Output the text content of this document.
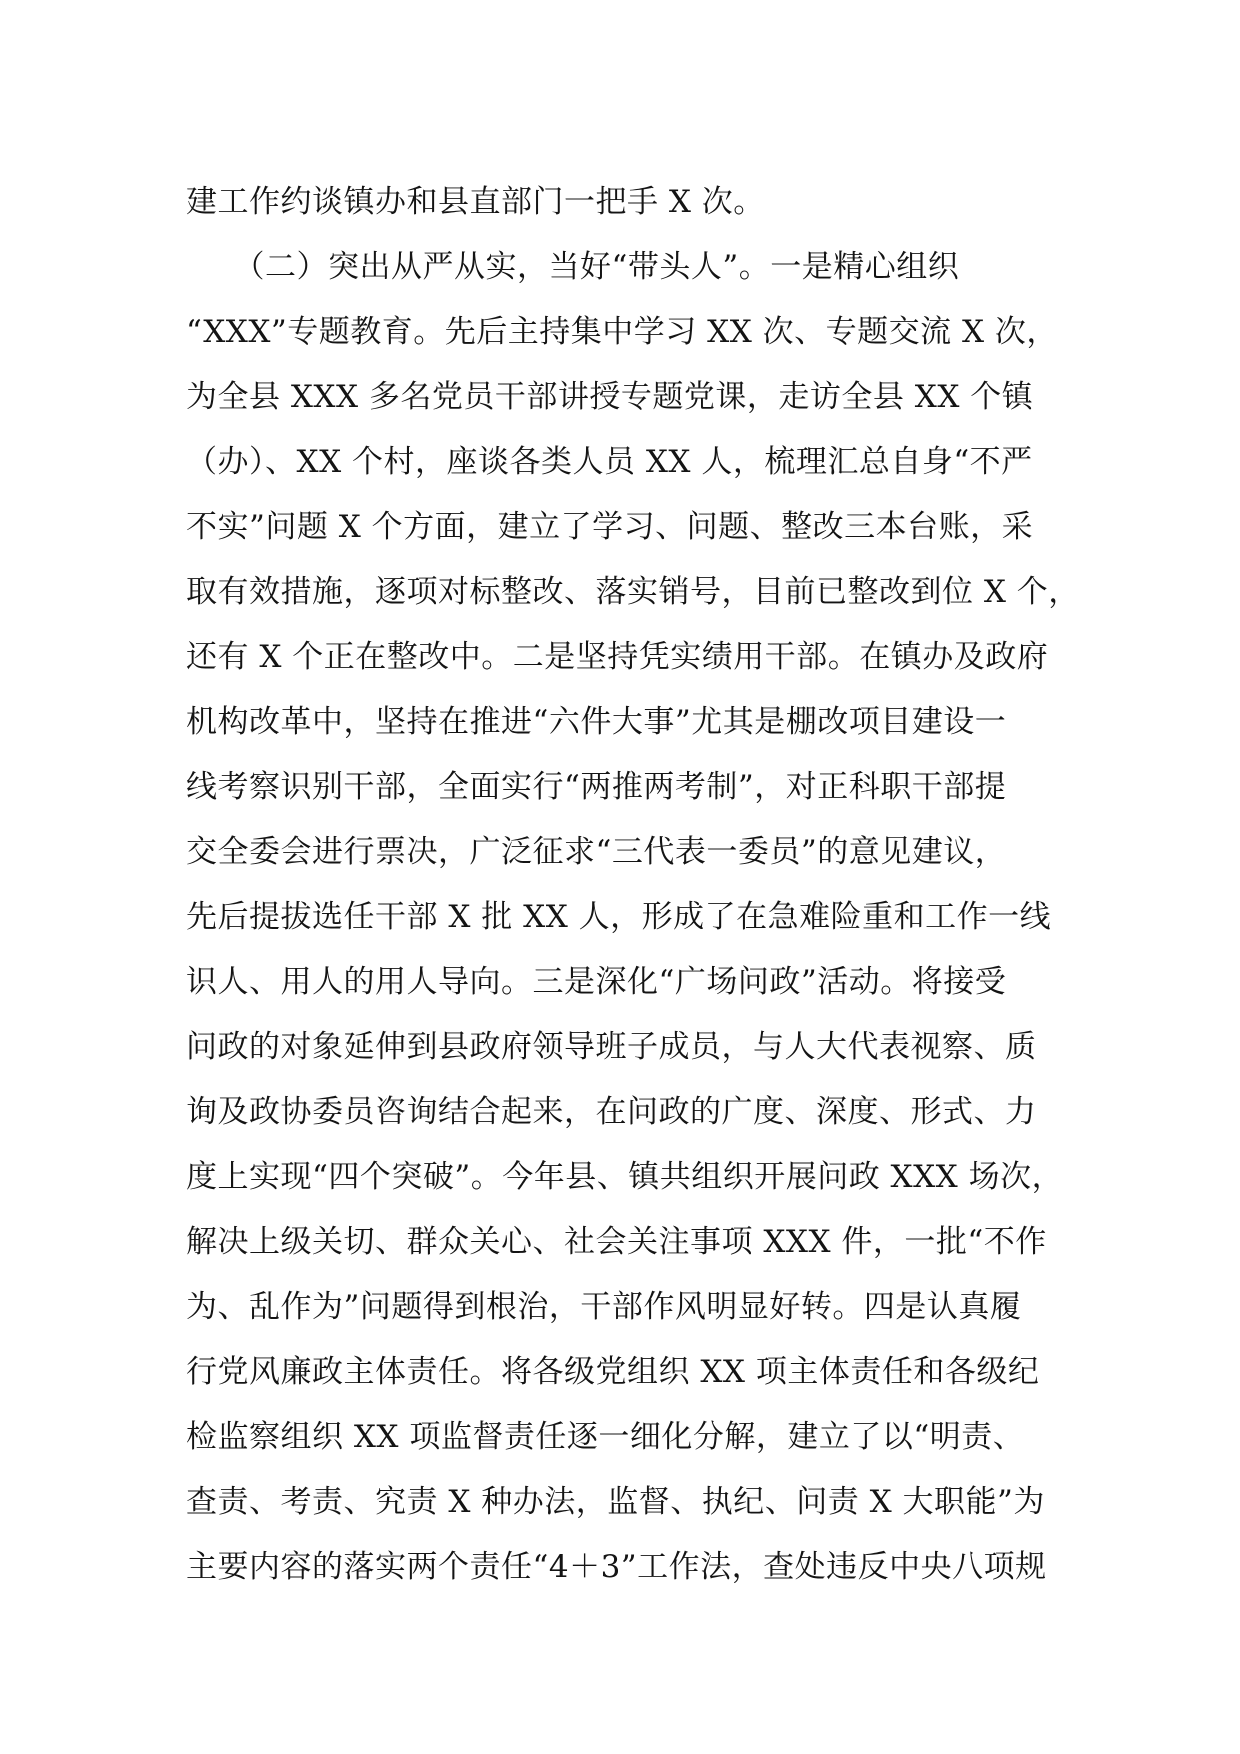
建工作约谈镇办和县直部门一把手 X 次。
　　（二）突出从严从实，当好“带头人”。一是精心组织
“XXX”专题教育。先后主持集中学习 XX 次、专题交流 X 次，
为全县 XXX 多名党员干部讲授专题党课，走访全县 XX 个镇
（办）、XX 个村，座谈各类人员 XX 人，梳理汇总自身“不严
不实”问题 X 个方面，建立了学习、问题、整改三本台账，采
取有效措施，逐项对标整改、落实销号，目前已整改到位 X 个，
还有 X 个正在整改中。二是坚持凭实绩用干部。在镇办及政府
机构改革中，坚持在推进“六件大事”尤其是棚改项目建设一
线考察识别干部，全面实行“两推两考制”，对正科职干部提
交全委会进行票决，广泛征求“三代表一委员”的意见建议，
先后提拔选任干部 X 批 XX 人，形成了在急难险重和工作一线
识人、用人的用人导向。三是深化“广场问政”活动。将接受
问政的对象延伸到县政府领导班子成员，与人大代表视察、质
询及政协委员咨询结合起来，在问政的广度、深度、形式、力
度上实现“四个突破”。今年县、镇共组织开展问政 XXX 场次，
解决上级关切、群众关心、社会关注事项 XXX 件，一批“不作
为、乱作为”问题得到根治，干部作风明显好转。四是认真履
行党风廉政主体责任。将各级党组织 XX 项主体责任和各级纪
检监察组织 XX 项监督责任逐一细化分解，建立了以“明责、
查责、考责、究责 X 种办法，监督、执纪、问责 X 大职能”为
主要内容的落实两个责任“4＋3”工作法，查处违反中央八项规
